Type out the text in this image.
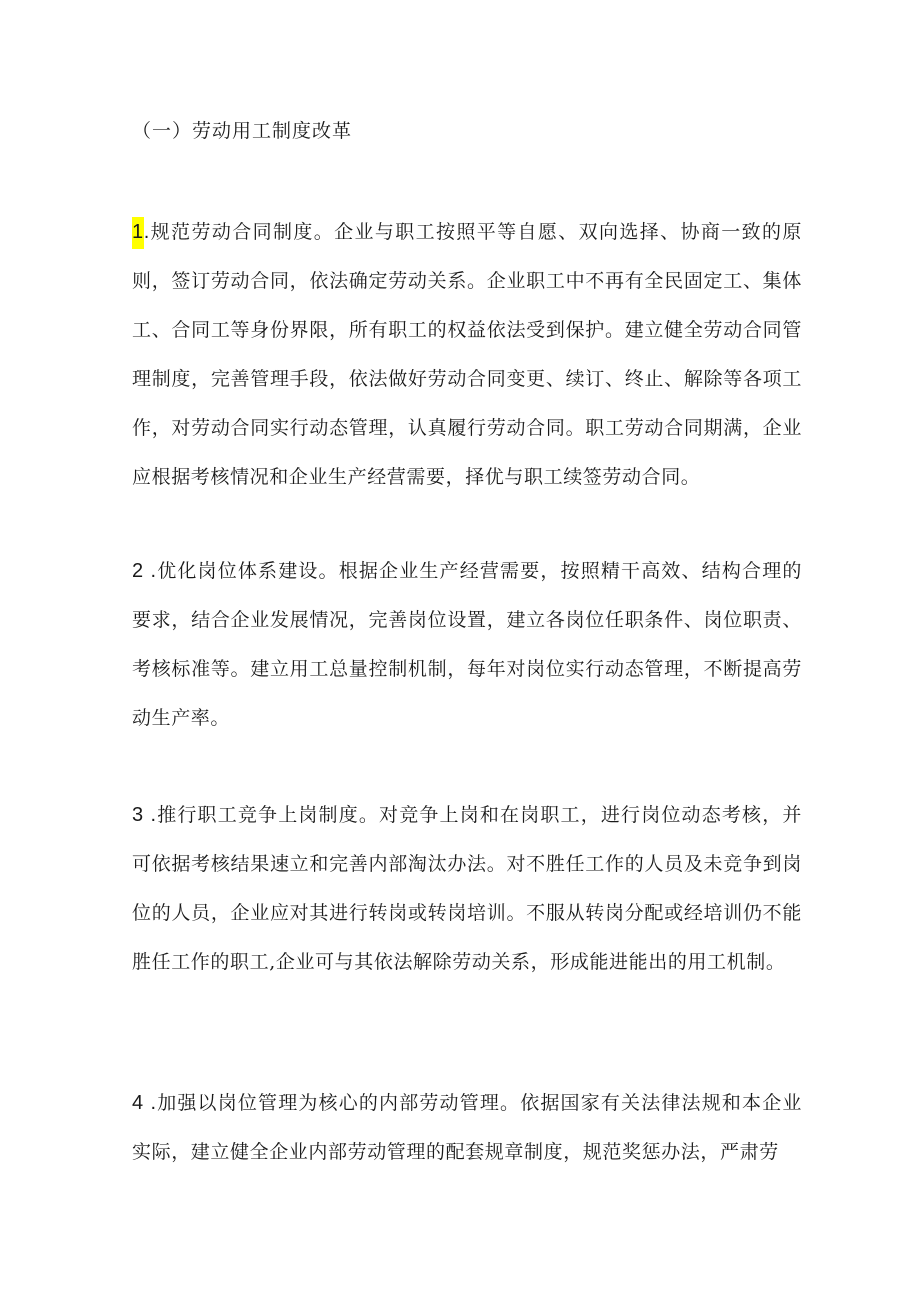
（一）劳动用工制度改革

1.规范劳动合同制度。企业与职工按照平等自愿、双向选择、协商一致的原则，签订劳动合同，依法确定劳动关系。企业职工中不再有全民固定工、集体工、合同工等身份界限，所有职工的权益依法受到保护。建立健全劳动合同管理制度，完善管理手段，依法做好劳动合同变更、续订、终止、解除等各项工作，对劳动合同实行动态管理，认真履行劳动合同。职工劳动合同期满，企业应根据考核情况和企业生产经营需要，择优与职工续签劳动合同。

2 .优化岗位体系建设。根据企业生产经营需要，按照精干高效、结构合理的要求，结合企业发展情况，完善岗位设置，建立各岗位任职条件、岗位职责、考核标准等。建立用工总量控制机制，每年对岗位实行动态管理，不断提高劳动生产率。

3 .推行职工竞争上岗制度。对竞争上岗和在岗职工，进行岗位动态考核，并可依据考核结果速立和完善内部淘汰办法。对不胜任工作的人员及未竞争到岗位的人员，企业应对其进行转岗或转岗培训。不服从转岗分配或经培训仍不能胜任工作的职工,企业可与其依法解除劳动关系，形成能进能出的用工机制。

4 .加强以岗位管理为核心的内部劳动管理。依据国家有关法律法规和本企业实际，建立健全企业内部劳动管理的配套规章制度，规范奖惩办法，严肃劳
